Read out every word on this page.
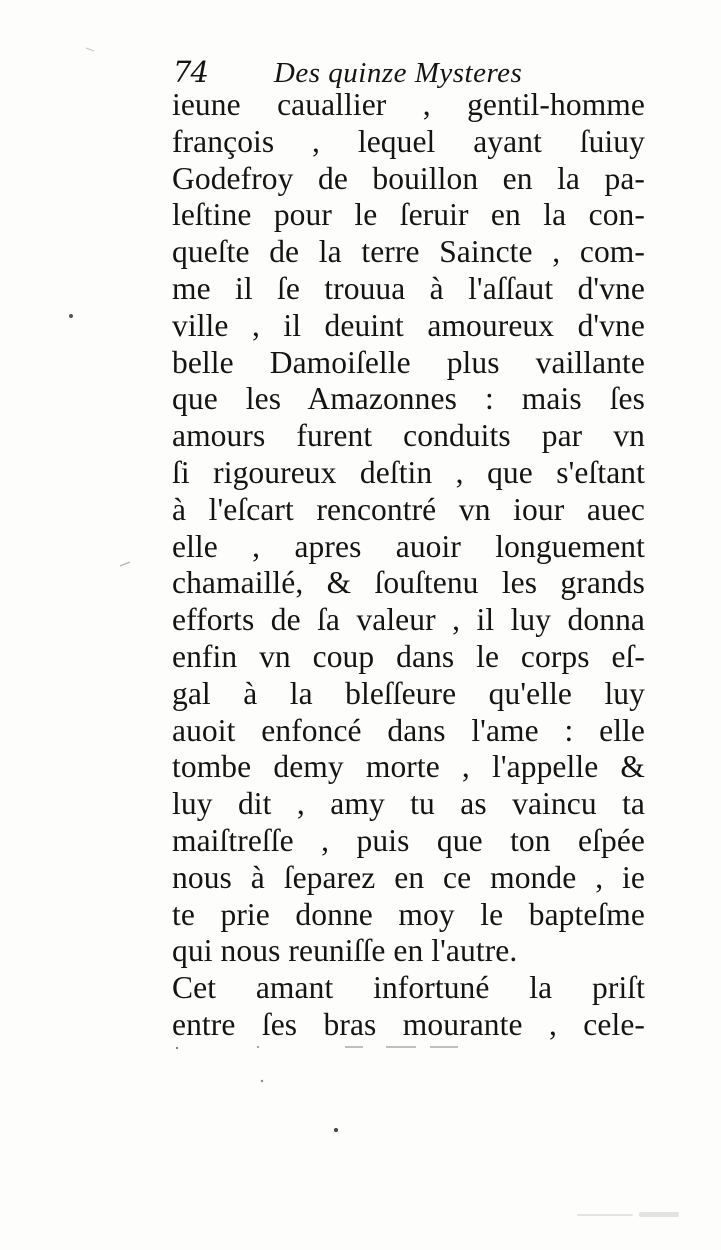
74 Des quinze Mysteres
ieune cauallier , gentil-homme
françois , lequel ayant ſuiuy
Godefroy de bouillon en la pa-
leſtine pour le ſeruir en la con-
queſte de la terre Saincte , com-
me il ſe trouua à l'aſſaut d'vne
ville , il deuint amoureux d'vne
belle Damoiſelle plus vaillante
que les Amazonnes : mais ſes
amours furent conduits par vn
ſi rigoureux deſtin , que s'eſtant
à l'eſcart rencontré vn iour auec
elle , apres auoir longuement
chamaillé, & ſouſtenu les grands
efforts de ſa valeur , il luy donna
enfin vn coup dans le corps eſ-
gal à la bleſſeure qu'elle luy
auoit enfoncé dans l'ame : elle
tombe demy morte , l'appelle &
luy dit , amy tu as vaincu ta
maiſtreſſe , puis que ton eſpée
nous à ſeparez en ce monde , ie
te prie donne moy le bapteſme
qui nous reuniſſe en l'autre.
Cet amant infortuné la priſt
entre ſes bras mourante , cele-
